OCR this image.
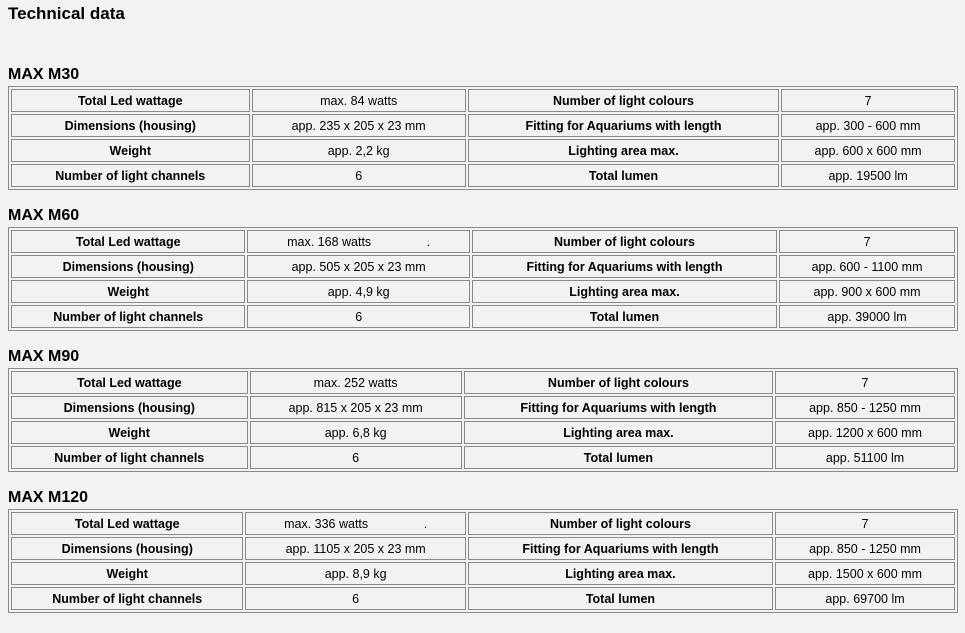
Technical data
MAX M30
Total Led wattage	max. 84 watts	Number of light colours	7
Dimensions (housing)	app. 235 x 205 x 23 mm	Fitting for Aquariums with length	app. 300 - 600 mm
Weight	app. 2,2 kg	Lighting area max.	app. 600 x 600 mm
Number of light channels	6	Total lumen	app. 19500 lm
MAX M60
Total Led wattage	max. 168 watts                .	Number of light colours	7
Dimensions (housing)	app. 505 x 205 x 23 mm	Fitting for Aquariums with length	app. 600 - 1100 mm
Weight	app. 4,9 kg	Lighting area max.	app. 900 x 600 mm
Number of light channels	6	Total lumen	app. 39000 lm
MAX M90
Total Led wattage	max. 252 watts	Number of light colours	7
Dimensions (housing)	app. 815 x 205 x 23 mm	Fitting for Aquariums with length	app. 850 - 1250 mm
Weight	app. 6,8 kg	Lighting area max.	app. 1200 x 600 mm
Number of light channels	6	Total lumen	app. 51100 lm
MAX M120
Total Led wattage	max. 336 watts                .	Number of light colours	7
Dimensions (housing)	app. 1105 x 205 x 23 mm	Fitting for Aquariums with length	app. 850 - 1250 mm
Weight	app. 8,9 kg	Lighting area max.	app. 1500 x 600 mm
Number of light channels	6	Total lumen	app. 69700 lm
